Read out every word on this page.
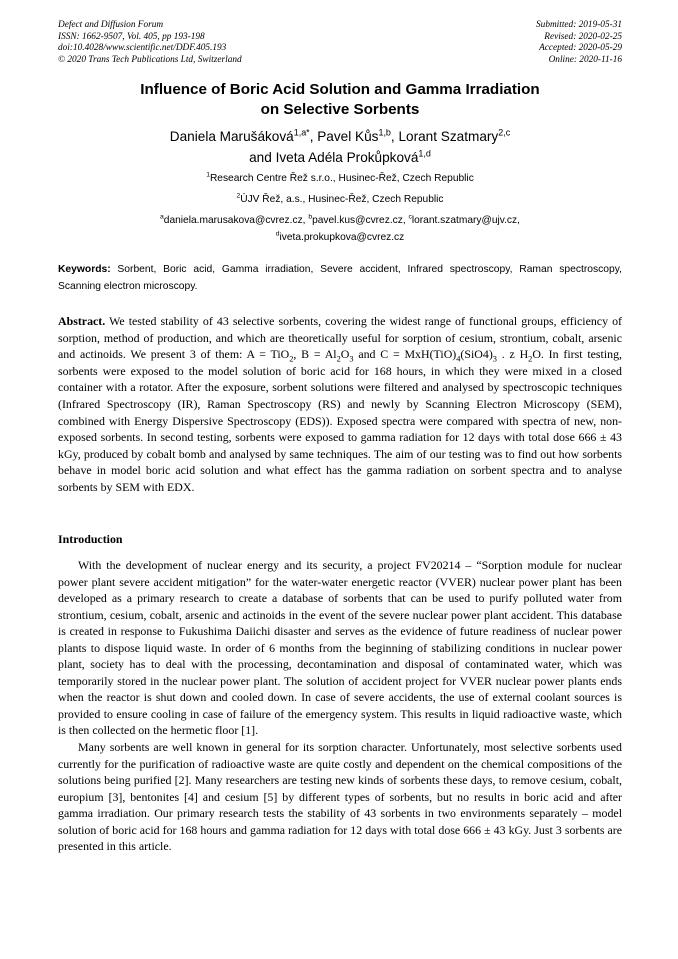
Defect and Diffusion Forum
ISSN: 1662-9507, Vol. 405, pp 193-198
doi:10.4028/www.scientific.net/DDF.405.193
© 2020 Trans Tech Publications Ltd, Switzerland
Submitted: 2019-05-31
Revised: 2020-02-25
Accepted: 2020-05-29
Online: 2020-11-16
Influence of Boric Acid Solution and Gamma Irradiation
on Selective Sorbents
Daniela Marušáková$^{1,a*}$, Pavel Kůs$^{1,b}$, Lorant Szatmary$^{2,c}$
and Iveta Adéla Prokůpková$^{1,d}$
$^1$Research Centre Řež s.r.o., Husinec-Řež, Czech Republic
$^2$ÚJV Řež, a.s., Husinec-Řež, Czech Republic
$^a$daniela.marusakova@cvrez.cz, $^b$pavel.kus@cvrez.cz, $^c$lorant.szatmary@ujv.cz,
$^d$iveta.prokupkova@cvrez.cz
Keywords: Sorbent, Boric acid, Gamma irradiation, Severe accident, Infrared spectroscopy, Raman spectroscopy, Scanning electron microscopy.
Abstract. We tested stability of 43 selective sorbents, covering the widest range of functional groups, efficiency of sorption, method of production, and which are theoretically useful for sorption of cesium, strontium, cobalt, arsenic and actinoids. We present 3 of them: A = TiO$_2$, $B = Al_2O_3$ and $C = MxH(TiO)_4(SiO4)_3$ . z $H_2O$. In first testing, sorbents were exposed to the model solution of boric acid for 168 hours, in which they were mixed in a closed container with a rotator. After the exposure, sorbent solutions were filtered and analysed by spectroscopic techniques (Infrared Spectroscopy (IR), Raman Spectroscopy (RS) and newly by Scanning Electron Microscopy (SEM), combined with Energy Dispersive Spectroscopy (EDS)). Exposed spectra were compared with spectra of new, non-exposed sorbents. In second testing, sorbents were exposed to gamma radiation for 12 days with total dose 666 ± 43 kGy, produced by cobalt bomb and analysed by same techniques. The aim of our testing was to find out how sorbents behave in model boric acid solution and what effect has the gamma radiation on sorbent spectra and to analyse sorbents by SEM with EDX.
Introduction

With the development of nuclear energy and its security, a project FV20214 – “Sorption module for nuclear power plant severe accident mitigation” for the water-water energetic reactor (VVER) nuclear power plant has been developed as a primary research to create a database of sorbents that can be used to purify polluted water from strontium, cesium, cobalt, arsenic and actinoids in the event of the severe nuclear power plant accident. This database is created in response to Fukushima Daiichi disaster and serves as the evidence of future readiness of nuclear power plants to dispose liquid waste. In order of 6 months from the beginning of stabilizing conditions in nuclear power plant, society has to deal with the processing, decontamination and disposal of contaminated water, which was temporarily stored in the nuclear power plant. The solution of accident project for VVER nuclear power plants ends when the reactor is shut down and cooled down. In case of severe accidents, the use of external coolant sources is provided to ensure cooling in case of failure of the emergency system. This results in liquid radioactive waste, which is then collected on the hermetic floor [1].

Many sorbents are well known in general for its sorption character. Unfortunately, most selective sorbents used currently for the purification of radioactive waste are quite costly and dependent on the chemical compositions of the solutions being purified [2]. Many researchers are testing new kinds of sorbents these days, to remove cesium, cobalt, europium [3], bentonites [4] and cesium [5] by different types of sorbents, but no results in boric acid and after gamma irradiation. Our primary research tests the stability of 43 sorbents in two environments separately – model solution of boric acid for 168 hours and gamma radiation for 12 days with total dose 666 ± 43 kGy. Just 3 sorbents are presented in this article.
